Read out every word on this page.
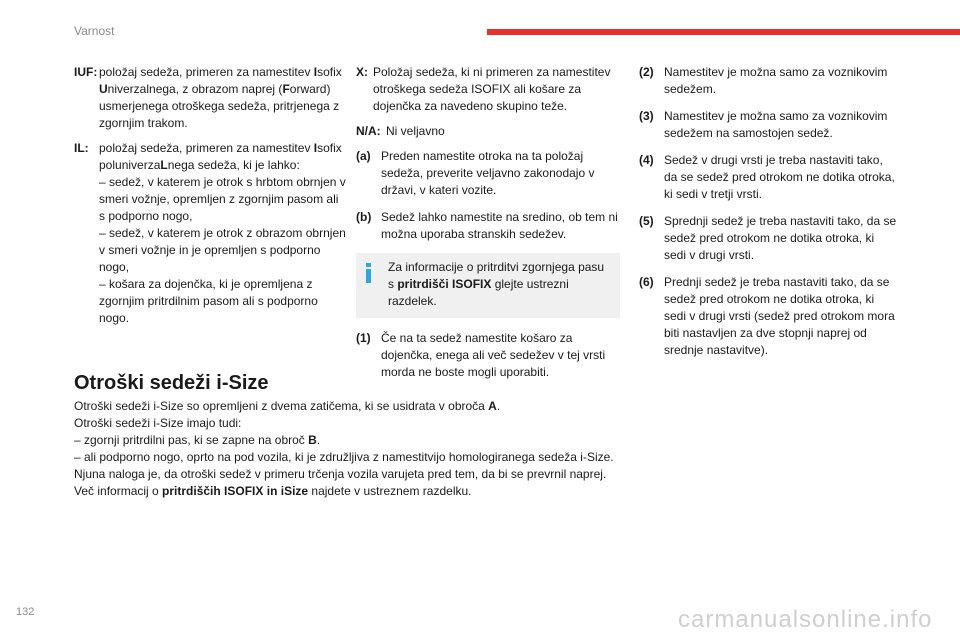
Varnost
IUF: položaj sedeža, primeren za namestitev Isofix Univerzalnega, z obrazom naprej (Forward) usmerjenega otroškega sedeža, pritrjenega z zgornjim trakom.
IL: položaj sedeža, primeren za namestitev Isofix poluniverzaLnega sedeža, ki je lahko:
– sedež, v katerem je otrok s hrbtom obrnjen v smeri vožnje, opremljen z zgornjim pasom ali s podporno nogo,
– sedež, v katerem je otrok z obrazom obrnjen v smeri vožnje in je opremljen s podporno nogo,
– košara za dojenčka, ki je opremljena z zgornjim pritrdilnim pasom ali s podporno nogo.
X: Položaj sedeža, ki ni primeren za namestitev otroškega sedeža ISOFIX ali košare za dojenčka za navedeno skupino teže.
N/A: Ni veljavno
(a) Preden namestite otroka na ta položaj sedeža, preverite veljavno zakonodajo v državi, v kateri vozite.
(b) Sedež lahko namestite na sredino, ob tem ni možna uporaba stranskih sedežev.
Za informacije o pritrditvi zgornjega pasu s pritrdišči ISOFIX glejte ustrezni razdelek.
(1) Če na ta sedež namestite košaro za dojenčka, enega ali več sedežev v tej vrsti morda ne boste mogli uporabiti.
(2) Namestitev je možna samo za voznikovim sedežem.
(3) Namestitev je možna samo za voznikovim sedežem na samostojen sedež.
(4) Sedež v drugi vrsti je treba nastaviti tako, da se sedež pred otrokom ne dotika otroka, ki sedi v tretji vrsti.
(5) Sprednji sedež je treba nastaviti tako, da se sedež pred otrokom ne dotika otroka, ki sedi v drugi vrsti.
(6) Prednji sedež je treba nastaviti tako, da se sedež pred otrokom ne dotika otroka, ki sedi v drugi vrsti (sedež pred otrokom mora biti nastavljen za dve stopnji naprej od srednje nastavitve).
Otroški sedeži i-Size

Otroški sedeži i-Size so opremljeni z dvema zatičema, ki se usidrata v obroča A.

Otroški sedeži i-Size imajo tudi:

– zgornji pritrdilni pas, ki se zapne na obroč B.

– ali podporno nogo, oprto na pod vozila, ki je združljiva z namestitvijo homologiranega sedeža i-Size.

Njuna naloga je, da otroški sedež v primeru trčenja vozila varujeta pred tem, da bi se prevrnil naprej.

Več informacij o pritrdiščih ISOFIX in iSize najdete v ustreznem razdelku.

132	carmanualsonline.info
